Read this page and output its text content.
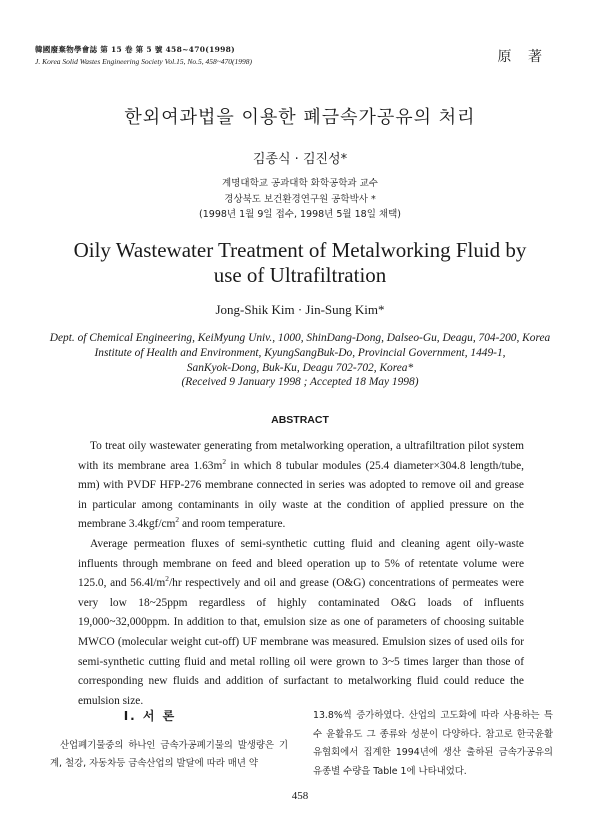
韓國廢棄物學會誌 第 15 卷 第 5 號 458~470(1998)
J. Korea Solid Wastes Engineering Society Vol.15, No.5, 458~470(1998)	原 著
한외여과법을 이용한 폐금속가공유의 처리
김종식 · 김진성*
계명대학교 공과대학 화학공학과 교수
경상북도 보건환경연구원 공학박사 *
(1998년 1월 9일 접수, 1998년 5월 18일 채택)
Oily Wastewater Treatment of Metalworking Fluid by use of Ultrafiltration
Jong-Shik Kim · Jin-Sung Kim*
Dept. of Chemical Engineering, KeiMyung Univ., 1000, ShinDang-Dong, Dalseo-Gu, Deagu, 704-200, Korea
Institute of Health and Environment, KyungSangBuk-Do, Provincial Government, 1449-1,
SanKyok-Dong, Buk-Ku, Deagu 702-702, Korea*
(Received 9 January 1998 ; Accepted 18 May 1998)
ABSTRACT

To treat oily wastewater generating from metalworking operation, a ultrafiltration pilot system with its membrane area $1.63m^2$ in which 8 tubular modules (25.4 diameter×304.8 length/tube, mm) with PVDF HFP-276 membrane connected in series was adopted to remove oil and grease in particular among contaminants in oily waste at the condition of applied pressure on the membrane $3.4kgf/cm^2$ and room temperature.

Average permeation fluxes of semi-synthetic cutting fluid and cleaning agent oily-waste influents through membrane on feed and bleed operation up to 5% of retentate volume were 125.0, and $56.4l/m^2/hr$ respectively and oil and grease (O&G) concentrations of permeates were very low 18~25ppm regardless of highly contaminated O&G loads of influents 19,000~32,000ppm. In addition to that, emulsion size as one of parameters of choosing suitable MWCO (molecular weight cut-off) UF membrane was measured. Emulsion sizes of used oils for semi-synthetic cutting fluid and metal rolling oil were grown to 3~5 times larger than those of corresponding new fluids and addition of surfactant to metalworking fluid could reduce the emulsion size.

I. 서 론

산업폐기물중의 하나인 금속가공폐기물의 발생량은 기계, 철강, 자동차등 금속산업의 발달에 따라 매년 약

13.8%씩 증가하였다. 산업의 고도화에 따라 사용하는 특수 윤활유도 그 종류와 성분이 다양하다. 참고로 한국윤활유협회에서 집계한 1994년에 생산 출하된 금속가공유의 유종별 수량을 Table 1에 나타내었다.

458
